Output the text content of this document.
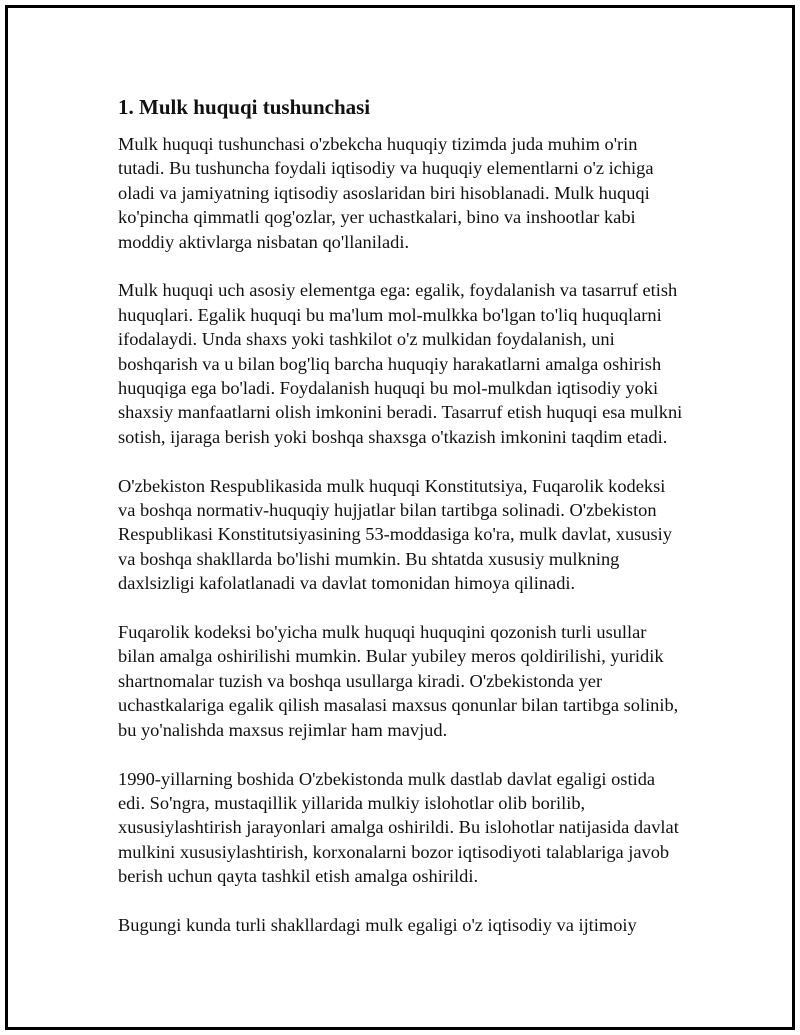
1. Mulk huquqi tushunchasi

Mulk huquqi tushunchasi o'zbekcha huquqiy tizimda juda muhim o'rin
tutadi. Bu tushuncha foydali iqtisodiy va huquqiy elementlarni o'z ichiga
oladi va jamiyatning iqtisodiy asoslaridan biri hisoblanadi. Mulk huquqi
ko'pincha qimmatli qog'ozlar, yer uchastkalari, bino va inshootlar kabi
moddiy aktivlarga nisbatan qo'llaniladi.

Mulk huquqi uch asosiy elementga ega: egalik, foydalanish va tasarruf etish
huquqlari. Egalik huquqi bu ma'lum mol-mulkka bo'lgan to'liq huquqlarni
ifodalaydi. Unda shaxs yoki tashkilot o'z mulkidan foydalanish, uni
boshqarish va u bilan bog'liq barcha huquqiy harakatlarni amalga oshirish
huquqiga ega bo'ladi. Foydalanish huquqi bu mol-mulkdan iqtisodiy yoki
shaxsiy manfaatlarni olish imkonini beradi. Tasarruf etish huquqi esa mulkni
sotish, ijaraga berish yoki boshqa shaxsga o'tkazish imkonini taqdim etadi.

O'zbekiston Respublikasida mulk huquqi Konstitutsiya, Fuqarolik kodeksi
va boshqa normativ-huquqiy hujjatlar bilan tartibga solinadi. O'zbekiston
Respublikasi Konstitutsiyasining 53-moddasiga ko'ra, mulk davlat, xususiy
va boshqa shakllarda bo'lishi mumkin. Bu shtatda xususiy mulkning
daxlsizligi kafolatlanadi va davlat tomonidan himoya qilinadi.

Fuqarolik kodeksi bo'yicha mulk huquqi huquqini qozonish turli usullar
bilan amalga oshirilishi mumkin. Bular yubiley meros qoldirilishi, yuridik
shartnomalar tuzish va boshqa usullarga kiradi. O'zbekistonda yer
uchastkalariga egalik qilish masalasi maxsus qonunlar bilan tartibga solinib,
bu yo'nalishda maxsus rejimlar ham mavjud.

1990-yillarning boshida O'zbekistonda mulk dastlab davlat egaligi ostida
edi. So'ngra, mustaqillik yillarida mulkiy islohotlar olib borilib,
xususiylashtirish jarayonlari amalga oshirildi. Bu islohotlar natijasida davlat
mulkini xususiylashtirish, korxonalarni bozor iqtisodiyoti talablariga javob
berish uchun qayta tashkil etish amalga oshirildi.

Bugungi kunda turli shakllardagi mulk egaligi o'z iqtisodiy va ijtimoiy
